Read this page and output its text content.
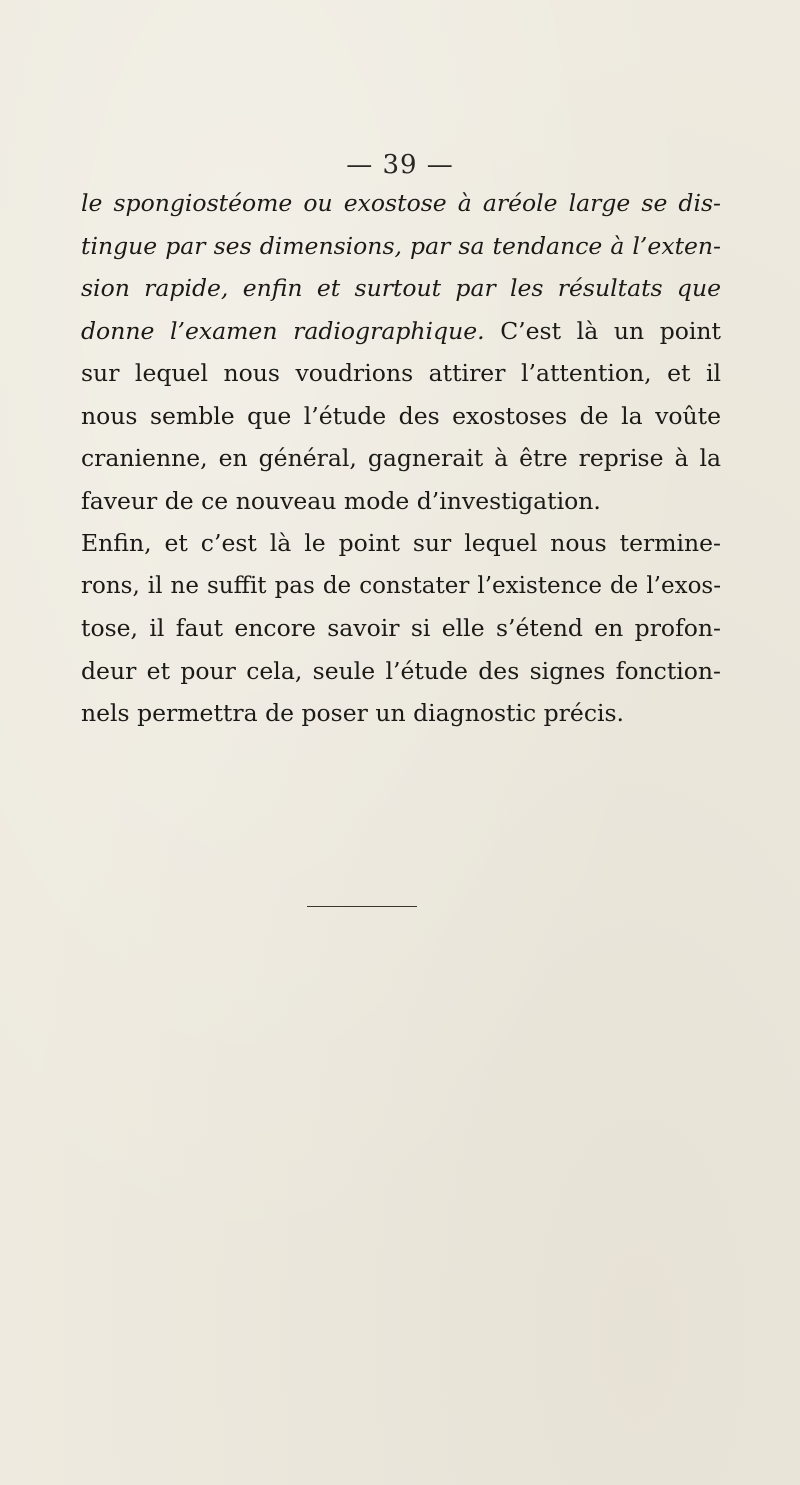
— 39 —
le spongiostéome ou exostose à aréole large se dis-
tingue par ses dimensions, par sa tendance à l’exten-
sion rapide, enfin et surtout par les résultats que
donne l’examen radiographique. C’est là un point
sur lequel nous voudrions attirer l’attention, et il
nous semble que l’étude des exostoses de la voûte
cranienne, en général, gagnerait à être reprise à la
faveur de ce nouveau mode d’investigation.
Enfin, et c’est là le point sur lequel nous termine-
rons, il ne suffit pas de constater l’existence de l’exos-
tose, il faut encore savoir si elle s’étend en profon-
deur et pour cela, seule l’étude des signes fonction-
nels permettra de poser un diagnostic précis.
